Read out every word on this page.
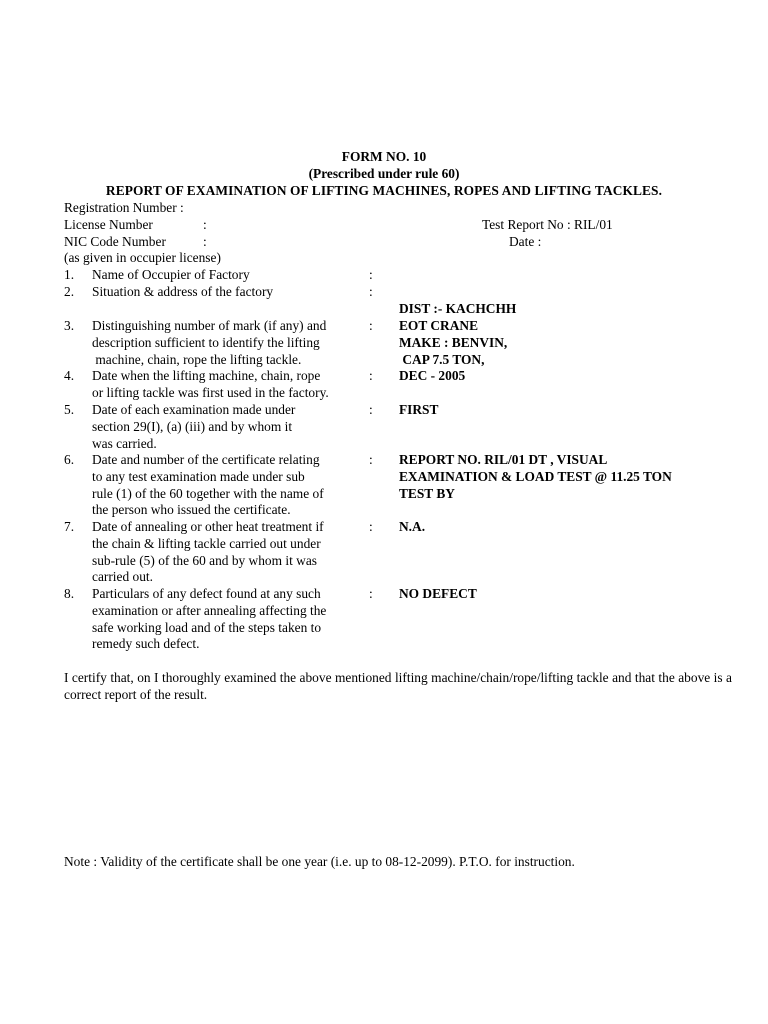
FORM NO. 10
(Prescribed under rule 60)
REPORT OF EXAMINATION OF LIFTING MACHINES, ROPES AND LIFTING TACKLES.
Registration Number :
License Number	:	Test Report No : RIL/01
NIC Code Number	:	Date :
(as given in occupier license)
1. Name of Occupier of Factory	:
2. Situation & address of the factory	:
DIST :- KACHCHH
3. Distinguishing number of mark (if any) and
description sufficient to identify the lifting
machine, chain, rope the lifting tackle.
: EOT CRANE
MAKE : BENVIN,
CAP 7.5 TON,
4. Date when the lifting machine, chain, rope
or lifting tackle was first used in the factory.
: DEC - 2005
5. Date of each examination made under
section 29(I), (a) (iii) and by whom it
was carried.
: FIRST
6. Date and number of the certificate relating
to any test examination made under sub
rule (1) of the 60 together with the name of
the person who issued the certificate.
: REPORT NO. RIL/01 DT , VISUAL
EXAMINATION & LOAD TEST @ 11.25 TON
TEST BY
7. Date of annealing or other heat treatment if
the chain & lifting tackle carried out under
sub-rule (5) of the 60 and by whom it was
carried out.
: N.A.
8. Particulars of any defect found at any such
examination or after annealing affecting the
safe working load and of the steps taken to
remedy such defect.
: NO DEFECT
I certify that, on I thoroughly examined the above mentioned lifting machine/chain/rope/lifting tackle and that the above is a correct report of the result.
Note : Validity of the certificate shall be one year (i.e. up to 08-12-2099). P.T.O. for instruction.
